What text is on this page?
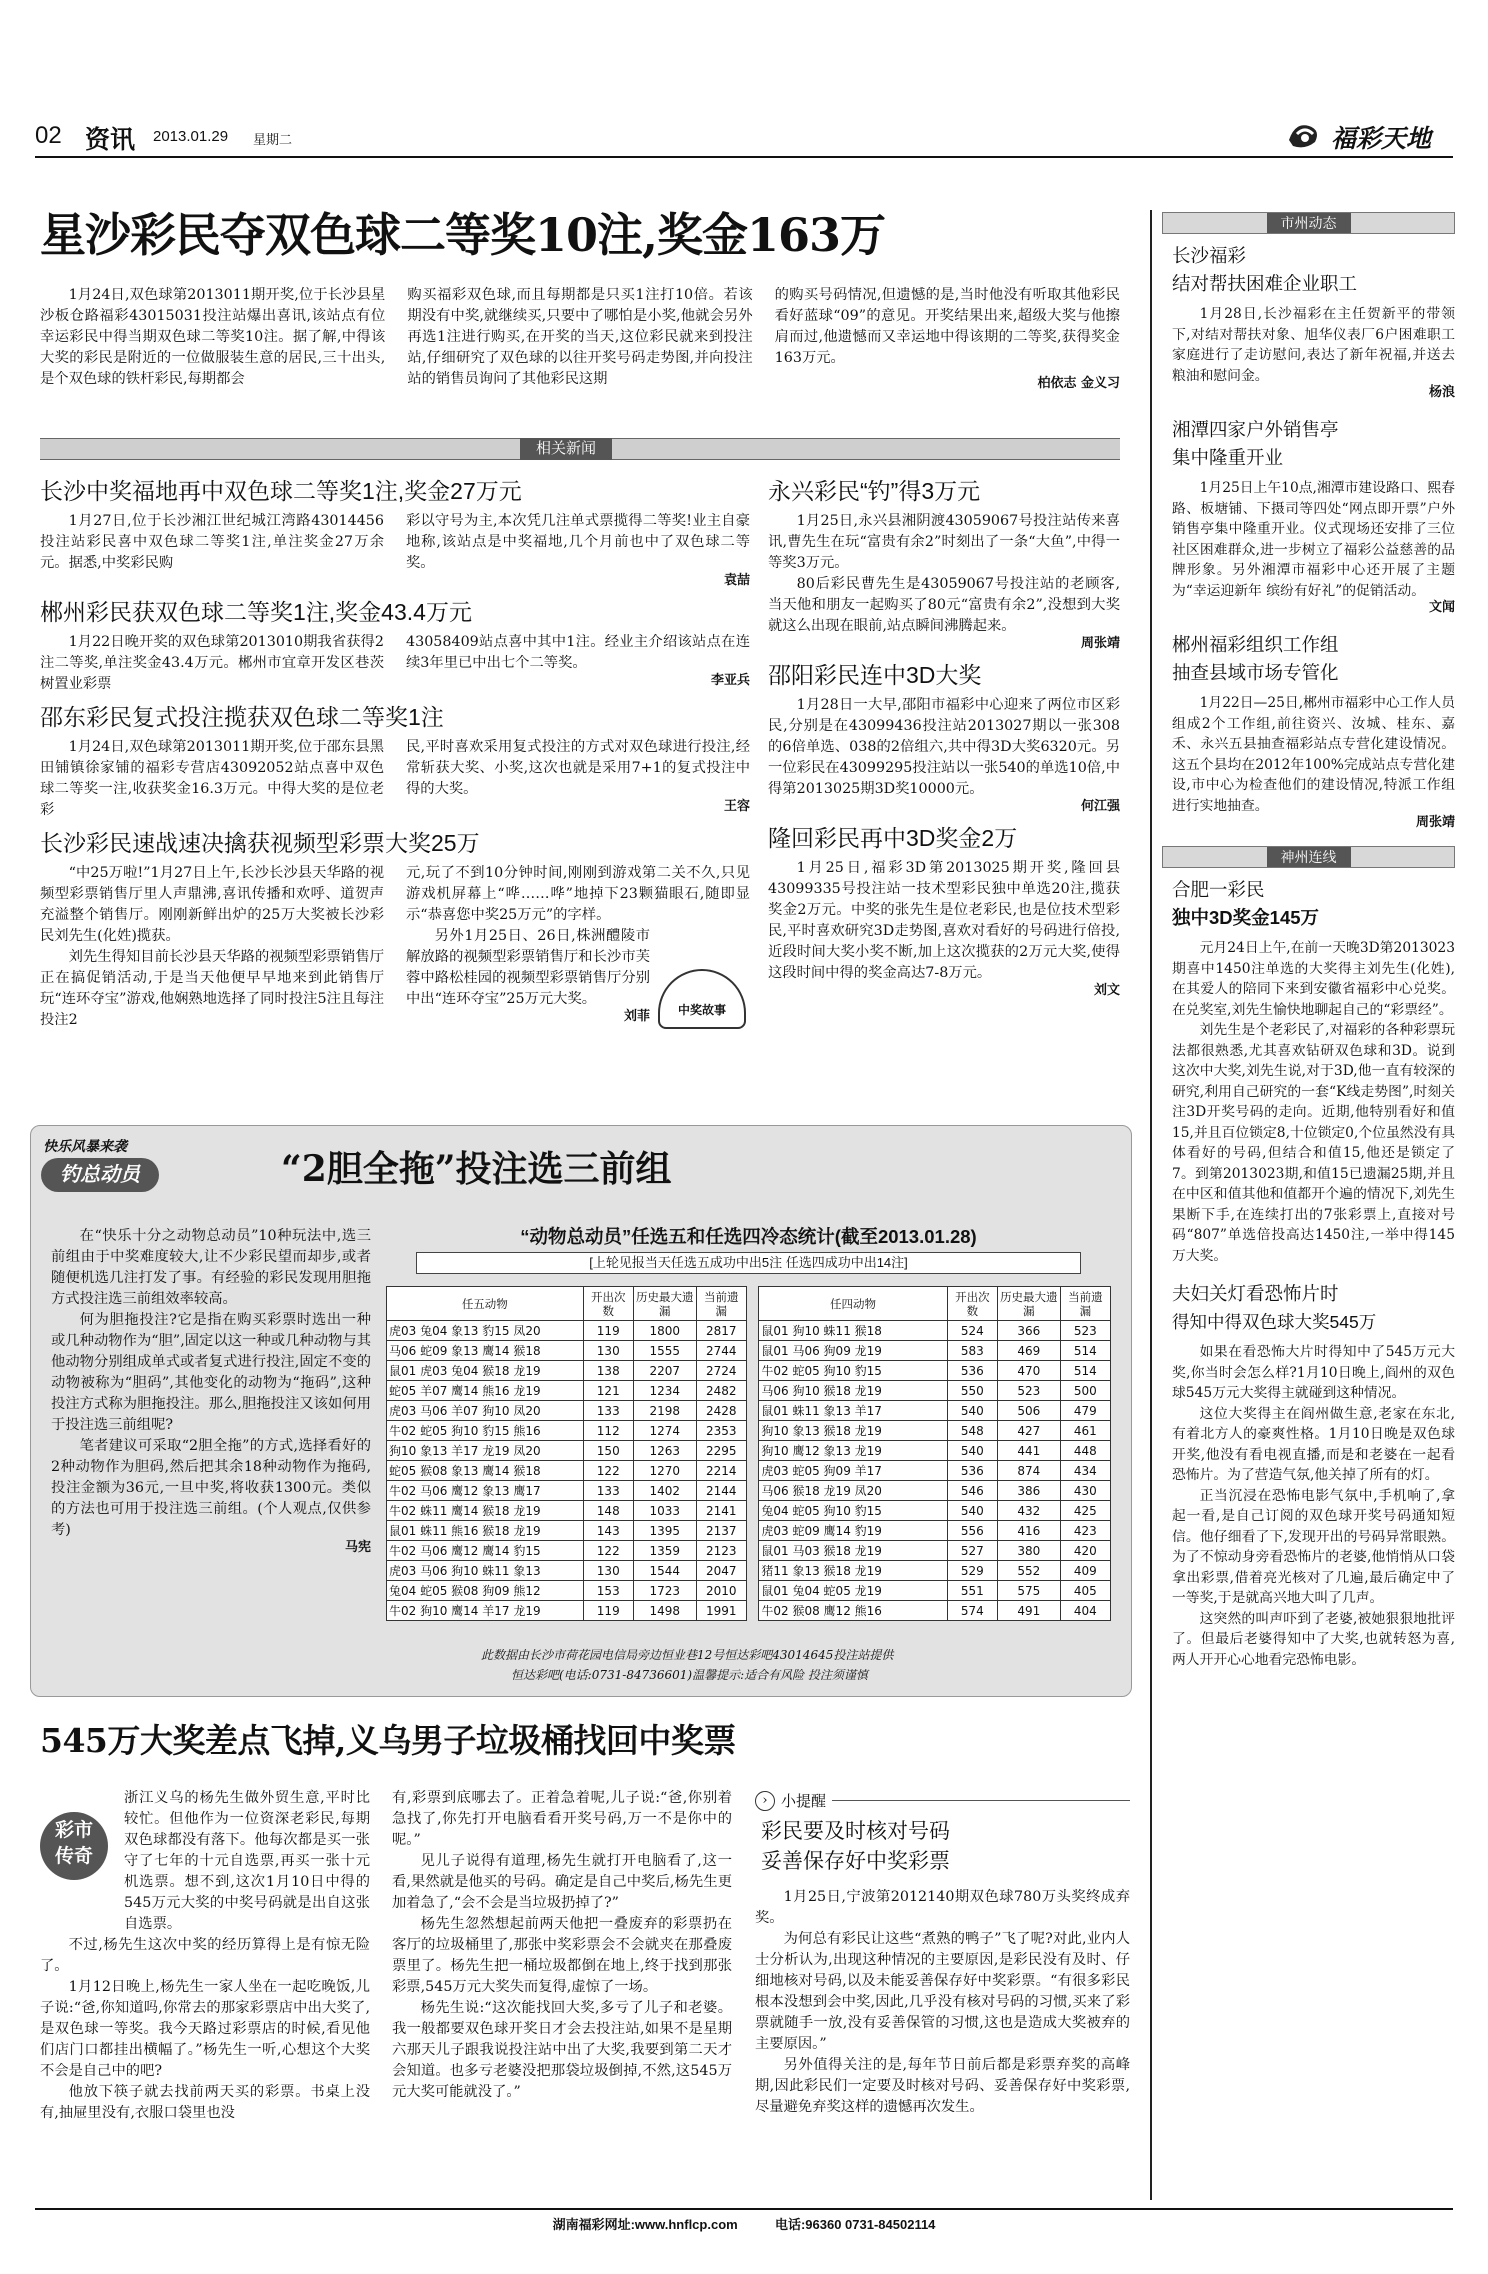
02 资讯 2013.01.29 星期二	福彩天地
星沙彩民夺双色球二等奖10注,奖金163万
1月24日,双色球第2013011期开奖,位于长沙县星沙板仓路福彩43015031投注站爆出喜讯,该站点有位幸运彩民中得当期双色球二等奖10注。据了解,中得该大奖的彩民是附近的一位做服装生意的居民,三十出头,是个双色球的铁杆彩民,每期都会
购买福彩双色球,而且每期都是只买1注打10倍。若该期没有中奖,就继续买,只要中了哪怕是小奖,他就会另外再选1注进行购买,在开奖的当天,这位彩民就来到投注站,仔细研究了双色球的以往开奖号码走势图,并向投注站的销售员询问了其他彩民这期
的购买号码情况,但遗憾的是,当时他没有听取其他彩民看好蓝球“09”的意见。开奖结果出来,超级大奖与他擦肩而过,他遗憾而又幸运地中得该期的二等奖,获得奖金163万元。
柏依志 金义习
相关新闻
长沙中奖福地再中双色球二等奖1注,奖金27万元
1月27日,位于长沙湘江世纪城江湾路43014456投注站彩民喜中双色球二等奖1注,单注奖金27万余元。据悉,中奖彩民购
彩以守号为主,本次凭几注单式票揽得二等奖!业主自豪地称,该站点是中奖福地,几个月前也中了双色球二等奖。
袁喆
郴州彩民获双色球二等奖1注,奖金43.4万元
1月22日晚开奖的双色球第2013010期我省获得2注二等奖,单注奖金43.4万元。郴州市宜章开发区巷茨树置业彩票
43058409站点喜中其中1注。经业主介绍该站点在连续3年里已中出七个二等奖。
李亚兵
邵东彩民复式投注揽获双色球二等奖1注
1月24日,双色球第2013011期开奖,位于邵东县黑田铺镇徐家铺的福彩专营店43092052站点喜中双色球二等奖一注,收获奖金16.3万元。中得大奖的是位老彩
民,平时喜欢采用复式投注的方式对双色球进行投注,经常斩获大奖、小奖,这次也就是采用7+1的复式投注中得的大奖。
王容
长沙彩民速战速决擒获视频型彩票大奖25万
“中25万啦!”1月27日上午,长沙长沙县天华路的视频型彩票销售厅里人声鼎沸,喜讯传播和欢呼、道贺声充溢整个销售厅。刚刚新鲜出炉的25万大奖被长沙彩民刘先生(化姓)揽获。
刘先生得知目前长沙县天华路的视频型彩票销售厅正在搞促销活动,于是当天他便早早地来到此销售厅玩“连环夺宝”游戏,他娴熟地选择了同时投注5注且每注投注2
元,玩了不到10分钟时间,刚刚到游戏第二关不久,只见游戏机屏幕上“哗……哗”地掉下23颗猫眼石,随即显示“恭喜您中奖25万元”的字样。
另外1月25日、26日,株洲醴陵市解放路的视频型彩票销售厅和长沙市芙蓉中路松桂园的视频型彩票销售厅分别中出“连环夺宝”25万元大奖。
刘菲	中奖故事
永兴彩民“钓”得3万元
1月25日,永兴县湘阴渡43059067号投注站传来喜讯,曹先生在玩“富贵有余2”时刻出了一条“大鱼”,中得一等奖3万元。
80后彩民曹先生是43059067号投注站的老顾客,当天他和朋友一起购买了80元“富贵有余2”,没想到大奖就这么出现在眼前,站点瞬间沸腾起来。
周张靖
邵阳彩民连中3D大奖
1月28日一大早,邵阳市福彩中心迎来了两位市区彩民,分别是在43099436投注站2013027期以一张308的6倍单选、038的2倍组六,共中得3D大奖6320元。另一位彩民在43099295投注站以一张540的单选10倍,中得第2013025期3D奖10000元。
何江强
隆回彩民再中3D奖金2万
1月25日,福彩3D第2013025期开奖,隆回县43099335号投注站一技术型彩民独中单选20注,揽获奖金2万元。中奖的张先生是位老彩民,也是位技术型彩民,平时喜欢研究3D走势图,喜欢对看好的号码进行倍投,近段时间大奖小奖不断,加上这次揽获的2万元大奖,使得这段时间中得的奖金高达7-8万元。
刘文
快乐风暴来袭
钓总动员	“2胆全拖”投注选三前组
在“快乐十分之动物总动员”10种玩法中,选三前组由于中奖难度较大,让不少彩民望而却步,或者随便机选几注打发了事。有经验的彩民发现用胆拖方式投注选三前组效率较高。
何为胆拖投注?它是指在购买彩票时选出一种或几种动物作为“胆”,固定以这一种或几种动物与其他动物分别组成单式或者复式进行投注,固定不变的动物被称为“胆码”,其他变化的动物为“拖码”,这种投注方式称为胆拖投注。那么,胆拖投注又该如何用于投注选三前组呢?
笔者建议可采取“2胆全拖”的方式,选择看好的2种动物作为胆码,然后把其余18种动物作为拖码,投注金额为36元,一旦中奖,将收获1300元。类似的方法也可用于投注选三前组。(个人观点,仅供参考)
马宪
“动物总动员”任选五和任选四冷态统计(截至2013.01.28)
[上轮见报当天任选五成功中出5注 任选四成功中出14注]
任五动物	开出次数	历史最大遗漏	当前遗漏		任四动物	开出次数	历史最大遗漏	当前遗漏
虎03 兔04 象13 豹15 凤20	119	1800	2817		鼠01 狗10 蛛11 猴18	524	366	523
马06 蛇09 象13 鹰14 猴18	130	1555	2744		鼠01 马06 狗09 龙19	583	469	514
鼠01 虎03 兔04 猴18 龙19	138	2207	2724		牛02 蛇05 狗10 豹15	536	470	514
蛇05 羊07 鹰14 熊16 龙19	121	1234	2482		马06 狗10 猴18 龙19	550	523	500
虎03 马06 羊07 狗10 凤20	133	2198	2428		鼠01 蛛11 象13 羊17	540	506	479
牛02 蛇05 狗10 豹15 熊16	112	1274	2353		狗10 象13 猴18 龙19	548	427	461
狗10 象13 羊17 龙19 凤20	150	1263	2295		狗10 鹰12 象13 龙19	540	441	448
蛇05 猴08 象13 鹰14 猴18	122	1270	2214		虎03 蛇05 狗09 羊17	536	874	434
牛02 马06 鹰12 象13 鹰17	133	1402	2144		马06 猴18 龙19 凤20	546	386	430
牛02 蛛11 鹰14 猴18 龙19	148	1033	2141		兔04 蛇05 狗10 豹15	540	432	425
鼠01 蛛11 熊16 猴18 龙19	143	1395	2137		虎03 蛇09 鹰14 豹19	556	416	423
牛02 马06 鹰12 鹰14 豹15	122	1359	2123		鼠01 马03 猴18 龙19	527	380	420
虎03 马06 狗10 蛛11 象13	130	1544	2047		猪11 象13 猴18 龙19	529	552	409
兔04 蛇05 猴08 狗09 熊12	153	1723	2010		鼠01 兔04 蛇05 龙19	551	575	405
牛02 狗10 鹰14 羊17 龙19	119	1498	1991		牛02 猴08 鹰12 熊16	574	491	404
此数据由长沙市荷花园电信局旁边恒业巷12号恒达彩吧43014645投注站提供
恒达彩吧(电话:0731-84736601)温馨提示:适合有风险 投注须谨慎
545万大奖差点飞掉,义乌男子垃圾桶找回中奖票
彩市
传奇
浙江义乌的杨先生做外贸生意,平时比较忙。但他作为一位资深老彩民,每期双色球都没有落下。他每次都是买一张守了七年的十元自选票,再买一张十元机选票。想不到,这次1月10日中得的545万元大奖的中奖号码就是出自这张自选票。
不过,杨先生这次中奖的经历算得上是有惊无险了。
1月12日晚上,杨先生一家人坐在一起吃晚饭,儿子说:“爸,你知道吗,你常去的那家彩票店中出大奖了,是双色球一等奖。我今天路过彩票店的时候,看见他们店门口都挂出横幅了。”杨先生一听,心想这个大奖不会是自己中的吧?
他放下筷子就去找前两天买的彩票。书桌上没有,抽屉里没有,衣服口袋里也没
有,彩票到底哪去了。正着急着呢,儿子说:“爸,你别着急找了,你先打开电脑看看开奖号码,万一不是你中的呢。”
见儿子说得有道理,杨先生就打开电脑看了,这一看,果然就是他买的号码。确定是自己中奖后,杨先生更加着急了,“会不会是当垃圾扔掉了?”
杨先生忽然想起前两天他把一叠废弃的彩票扔在客厅的垃圾桶里了,那张中奖彩票会不会就夹在那叠废票里了。杨先生把一桶垃圾都倒在地上,终于找到那张彩票,545万元大奖失而复得,虚惊了一场。
杨先生说:“这次能找回大奖,多亏了儿子和老婆。我一般都要双色球开奖日才会去投注站,如果不是星期六那天儿子跟我说投注站中出了大奖,我要到第二天才会知道。也多亏老婆没把那袋垃圾倒掉,不然,这545万元大奖可能就没了。”
› 小提醒
彩民要及时核对号码
妥善保存好中奖彩票
1月25日,宁波第2012140期双色球780万头奖终成弃奖。
为何总有彩民让这些“煮熟的鸭子”飞了呢?对此,业内人士分析认为,出现这种情况的主要原因,是彩民没有及时、仔细地核对号码,以及未能妥善保存好中奖彩票。“有很多彩民根本没想到会中奖,因此,几乎没有核对号码的习惯,买来了彩票就随手一放,没有妥善保管的习惯,这也是造成大奖被弃的主要原因。”
另外值得关注的是,每年节日前后都是彩票弃奖的高峰期,因此彩民们一定要及时核对号码、妥善保存好中奖彩票,尽量避免弃奖这样的遗憾再次发生。
市州动态
长沙福彩
结对帮扶困难企业职工
1月28日,长沙福彩在主任贺新平的带领下,对结对帮扶对象、旭华仪表厂6户困难职工家庭进行了走访慰问,表达了新年祝福,并送去粮油和慰问金。
杨浪
湘潭四家户外销售亭
集中隆重开业
1月25日上午10点,湘潭市建设路口、熙春路、板塘铺、下摄司等四处“网点即开票”户外销售亭集中隆重开业。仪式现场还安排了三位社区困难群众,进一步树立了福彩公益慈善的品牌形象。另外湘潭市福彩中心还开展了主题为“幸运迎新年 缤纷有好礼”的促销活动。
文闻
郴州福彩组织工作组
抽查县域市场专管化
1月22日—25日,郴州市福彩中心工作人员组成2个工作组,前往资兴、汝城、桂东、嘉禾、永兴五县抽查福彩站点专营化建设情况。这五个县均在2012年100%完成站点专营化建设,市中心为检查他们的建设情况,特派工作组进行实地抽查。
周张靖
神州连线
合肥一彩民
独中3D奖金145万
元月24日上午,在前一天晚3D第2013023期喜中1450注单选的大奖得主刘先生(化姓),在其爱人的陪同下来到安徽省福彩中心兑奖。在兑奖室,刘先生愉快地聊起自己的“彩票经”。
刘先生是个老彩民了,对福彩的各种彩票玩法都很熟悉,尤其喜欢钻研双色球和3D。说到这次中大奖,刘先生说,对于3D,他一直有较深的研究,利用自己研究的一套“K线走势图”,时刻关注3D开奖号码的走向。近期,他特别看好和值15,并且百位锁定8,十位锁定0,个位虽然没有具体看好的号码,但结合和值15,他还是锁定了7。到第2013023期,和值15已遗漏25期,并且在中区和值其他和值都开个遍的情况下,刘先生果断下手,在连续打出的7张彩票上,直接对号码“807”单选倍投高达1450注,一举中得145万大奖。
夫妇关灯看恐怖片时
得知中得双色球大奖545万
如果在看恐怖大片时得知中了545万元大奖,你当时会怎么样?1月10日晚上,阎州的双色球545万元大奖得主就碰到这种情况。
这位大奖得主在阎州做生意,老家在东北,有着北方人的豪爽性格。1月10日晚是双色球开奖,他没有看电视直播,而是和老婆在一起看恐怖片。为了营造气氛,他关掉了所有的灯。
正当沉浸在恐怖电影气氛中,手机响了,拿起一看,是自己订阅的双色球开奖号码通知短信。他仔细看了下,发现开出的号码异常眼熟。为了不惊动身旁看恐怖片的老婆,他悄悄从口袋拿出彩票,借着亮光核对了几遍,最后确定中了一等奖,于是就高兴地大叫了几声。
这突然的叫声吓到了老婆,被她狠狠地批评了。但最后老婆得知中了大奖,也就转怒为喜,两人开开心心地看完恐怖电影。
湖南福彩网址:www.hnflcp.com	电话:96360 0731-84502114
